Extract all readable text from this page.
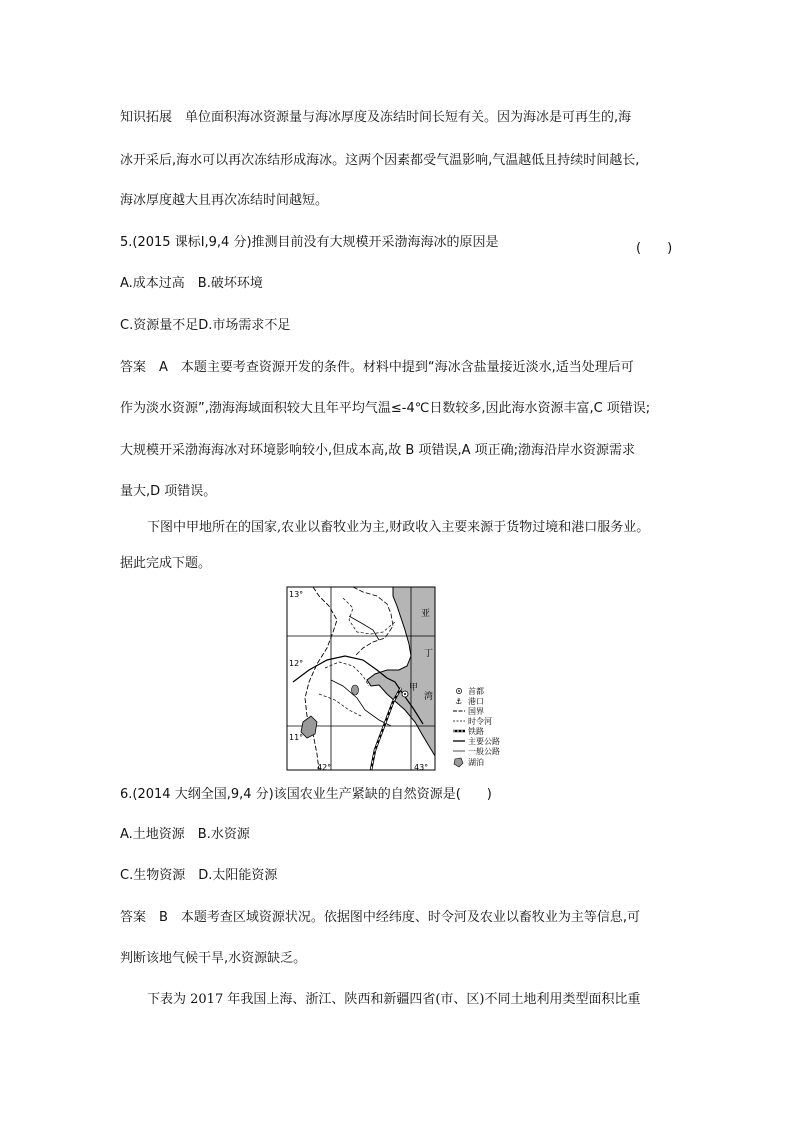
知识拓展　单位面积海冰资源量与海冰厚度及冻结时间长短有关。因为海冰是可再生的,海
冰开采后,海水可以再次冻结形成海冰。这两个因素都受气温影响,气温越低且持续时间越长,
海冰厚度越大且再次冻结时间越短。
5.(2015 课标Ⅰ,9,4 分)推测目前没有大规模开采渤海海冰的原因是	(　　)
A.成本过高　B.破坏环境
C.资源量不足D.市场需求不足
答案　A　本题主要考查资源开发的条件。材料中提到“海冰含盐量接近淡水,适当处理后可
作为淡水资源”,渤海海域面积较大且年平均气温≤-4℃日数较多,因此海水资源丰富,C 项错误;
大规模开采渤海海冰对环境影响较小,但成本高,故 B 项错误,A 项正确;渤海沿岸水资源需求
量大,D 项错误。
下图中甲地所在的国家,农业以畜牧业为主,财政收入主要来源于货物过境和港口服务业。
据此完成下题。
13°
12°
11°
42°	43°
亚
丁
湾
甲	首都
⚓ 港口
国界
时令河
铁路
主要公路
一般公路
湖泊
6.(2014 大纲全国,9,4 分)该国农业生产紧缺的自然资源是(　　)
A.土地资源　B.水资源
C.生物资源　D.太阳能资源
答案　B　本题考查区域资源状况。依据图中经纬度、时令河及农业以畜牧业为主等信息,可
判断该地气候干旱,水资源缺乏。
下表为 2017 年我国上海、浙江、陕西和新疆四省(市、区)不同土地利用类型面积比重
